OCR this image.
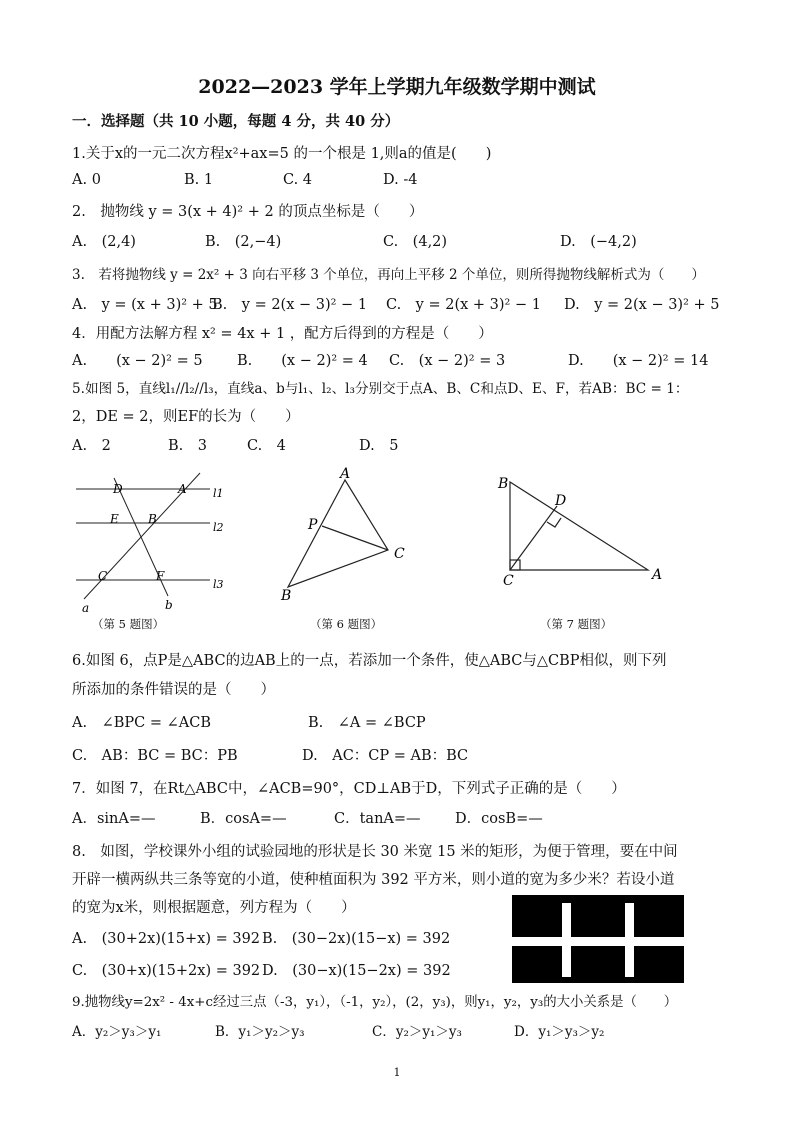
2022—2023 学年上学期九年级数学期中测试
一．选择题（共 10 小题，每题 4 分，共 40 分）
1.关于x的一元二次方程x²+ax=5 的一个根是 1,则a的值是(　　)
A. 0	B. 1	C. 4	D. -4
2.　抛物线 y = 3(x + 4)² + 2 的顶点坐标是（　　）
A.　(2,4)	B.　(2,−4)	C.　(4,2)	D.　(−4,2)
3.　若将抛物线 y = 2x² + 3 向右平移 3 个单位，再向上平移 2 个单位，则所得抛物线解析式为（　　）
A.　y = (x + 3)² + 5
B.　y = 2(x − 3)² − 1 C.　y = 2(x + 3)² − 1 D.　y = 2(x − 3)² + 5
4．用配方法解方程 x² = 4x + 1 ，配方后得到的方程是（　　）
A.　　(x − 2)² = 5 B.　　(x − 2)² = 4 C.　(x − 2)² = 3	D.　　(x − 2)² = 14
5.如图 5，直线l₁//l₂//l₃，直线a、b与l₁、l₂、l₃分别交于点A、B、C和点D、E、F，若AB：BC = 1：
2，DE = 2，则EF的长为（　　）
A.　2	B.　3	C.　4	D.　5
D	A l1
E B
l2
C	F
l3
a	b
（第 5 题图）
A
P
C
B
（第 6 题图）
B
D
C	A
（第 7 题图）
6.如图 6，点P是△ABC的边AB上的一点，若添加一个条件，使△ABC与△CBP相似，则下列
所添加的条件错误的是（　　）
A.　∠BPC = ∠ACB	B.　∠A = ∠BCP
C.　AB：BC = BC：PB	D.　AC：CP = AB：BC
7．如图 7，在Rt△ABC中，∠ACB=90°，CD⊥AB于D，下列式子正确的是（　　）
A．sinA=—	B．cosA=—	C．tanA=— D．cosB=—
8.　如图，学校课外小组的试验园地的形状是长 30 米宽 15 米的矩形，为便于管理，要在中间
开辟一横两纵共三条等宽的小道，使种植面积为 392 平方米，则小道的宽为多少米？若设小道
的宽为x米，则根据题意，列方程为（　　）
A.　(30+2x)(15+x) = 392 B.　(30−2x)(15−x) = 392
C.　(30+x)(15+2x) = 392 D.　(30−x)(15−2x) = 392
9.抛物线y=2x² - 4x+c经过三点（-3，y₁），（-1，y₂），(2，y₃)，则y₁，y₂，y₃的大小关系是（　　）
A．y₂＞y₃＞y₁	B．y₁＞y₂＞y₃	C．y₂＞y₁＞y₃	D．y₁＞y₃＞y₂
1
